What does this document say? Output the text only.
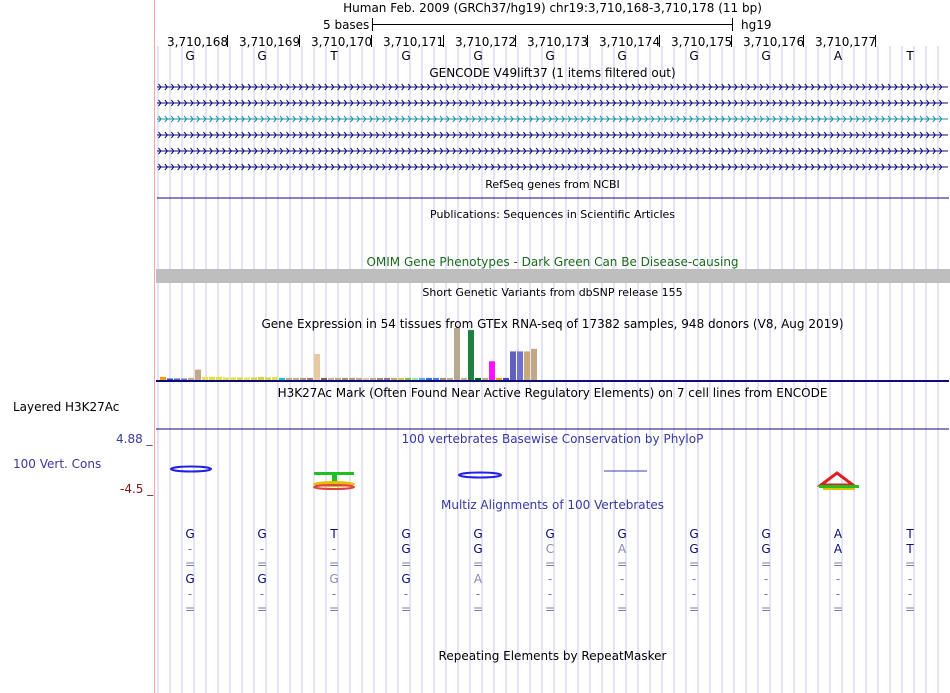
Layered H3K27Ac
4.88 _
100 Vert. Cons
-4.5 _
Human Feb. 2009 (GRCh37/hg19) chr19:3,710,168-3,710,178 (11 bp)
5 bases	hg19
3,710,168 3,710,169 3,710,170 3,710,171 3,710,172 3,710,173 3,710,174 3,710,175 3,710,176 3,710,177
G	G	T	G	G	G	G	G	G	A	T
GENCODE V49lift37 (1 items filtered out)
RefSeq genes from NCBI
Publications: Sequences in Scientific Articles
OMIM Gene Phenotypes - Dark Green Can Be Disease-causing
Short Genetic Variants from dbSNP release 155
Gene Expression in 54 tissues from GTEx RNA-seq of 17382 samples, 948 donors (V8, Aug 2019)
H3K27Ac Mark (Often Found Near Active Regulatory Elements) on 7 cell lines from ENCODE
100 vertebrates Basewise Conservation by PhyloP
Multiz Alignments of 100 Vertebrates
Repeating Elements by RepeatMasker
G	G	T	G	G	G	G	G	G	A	T
-	-	-	G	G	C	A	G	G	A	T
=	=	=	=	=	=	=	=	=	=	=
G	G	G	G	A	-	-	-	-	-	-
-	-	-	-	-	-	-	-	-	-	-
=	=	=	=	=	=	=	=	=	=	=
